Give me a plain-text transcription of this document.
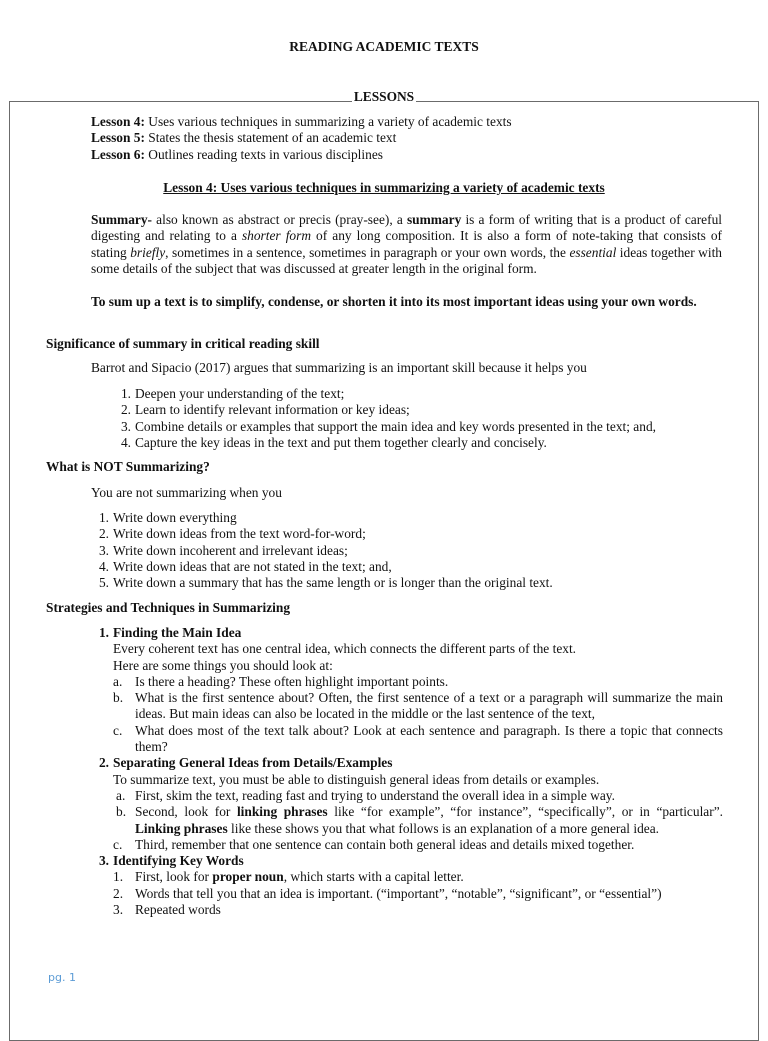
READING ACADEMIC TEXTS
LESSONS
Lesson 4: Uses various techniques in summarizing a variety of academic texts
Lesson 5: States the thesis statement of an academic text
Lesson 6: Outlines reading texts in various disciplines
Lesson 4: Uses various techniques in summarizing a variety of academic texts
Summary- also known as abstract or precis (pray-see), a summary is a form of writing that is a product of careful digesting and relating to a shorter form of any long composition. It is also a form of note-taking that consists of stating briefly, sometimes in a sentence, sometimes in paragraph or your own words, the essential ideas together with some details of the subject that was discussed at greater length in the original form.
To sum up a text is to simplify, condense, or shorten it into its most important ideas using your own words.
Significance of summary in critical reading skill
Barrot and Sipacio (2017) argues that summarizing is an important skill because it helps you
1. Deepen your understanding of the text;
2. Learn to identify relevant information or key ideas;
3. Combine details or examples that support the main idea and key words presented in the text; and,
4. Capture the key ideas in the text and put them together clearly and concisely.
What is NOT Summarizing?
You are not summarizing when you
1. Write down everything
2. Write down ideas from the text word-for-word;
3. Write down incoherent and irrelevant ideas;
4. Write down ideas that are not stated in the text; and,
5. Write down a summary that has the same length or is longer than the original text.
Strategies and Techniques in Summarizing
1. Finding the Main Idea
Every coherent text has one central idea, which connects the different parts of the text.
Here are some things you should look at:
a. Is there a heading? These often highlight important points.
b. What is the first sentence about? Often, the first sentence of a text or a paragraph will summarize the main ideas. But main ideas can also be located in the middle or the last sentence of the text,
c. What does most of the text talk about? Look at each sentence and paragraph. Is there a topic that connects them?
2. Separating General Ideas from Details/Examples
To summarize text, you must be able to distinguish general ideas from details or examples.
a. First, skim the text, reading fast and trying to understand the overall idea in a simple way.
b. Second, look for linking phrases like “for example”, “for instance”, “specifically”, or in “particular”. Linking phrases like these shows you that what follows is an explanation of a more general idea.
c. Third, remember that one sentence can contain both general ideas and details mixed together.
3. Identifying Key Words
1. First, look for proper noun, which starts with a capital letter.
2. Words that tell you that an idea is important. (“important”, “notable”, “significant”, or “essential”)
3. Repeated words
pg. 1
